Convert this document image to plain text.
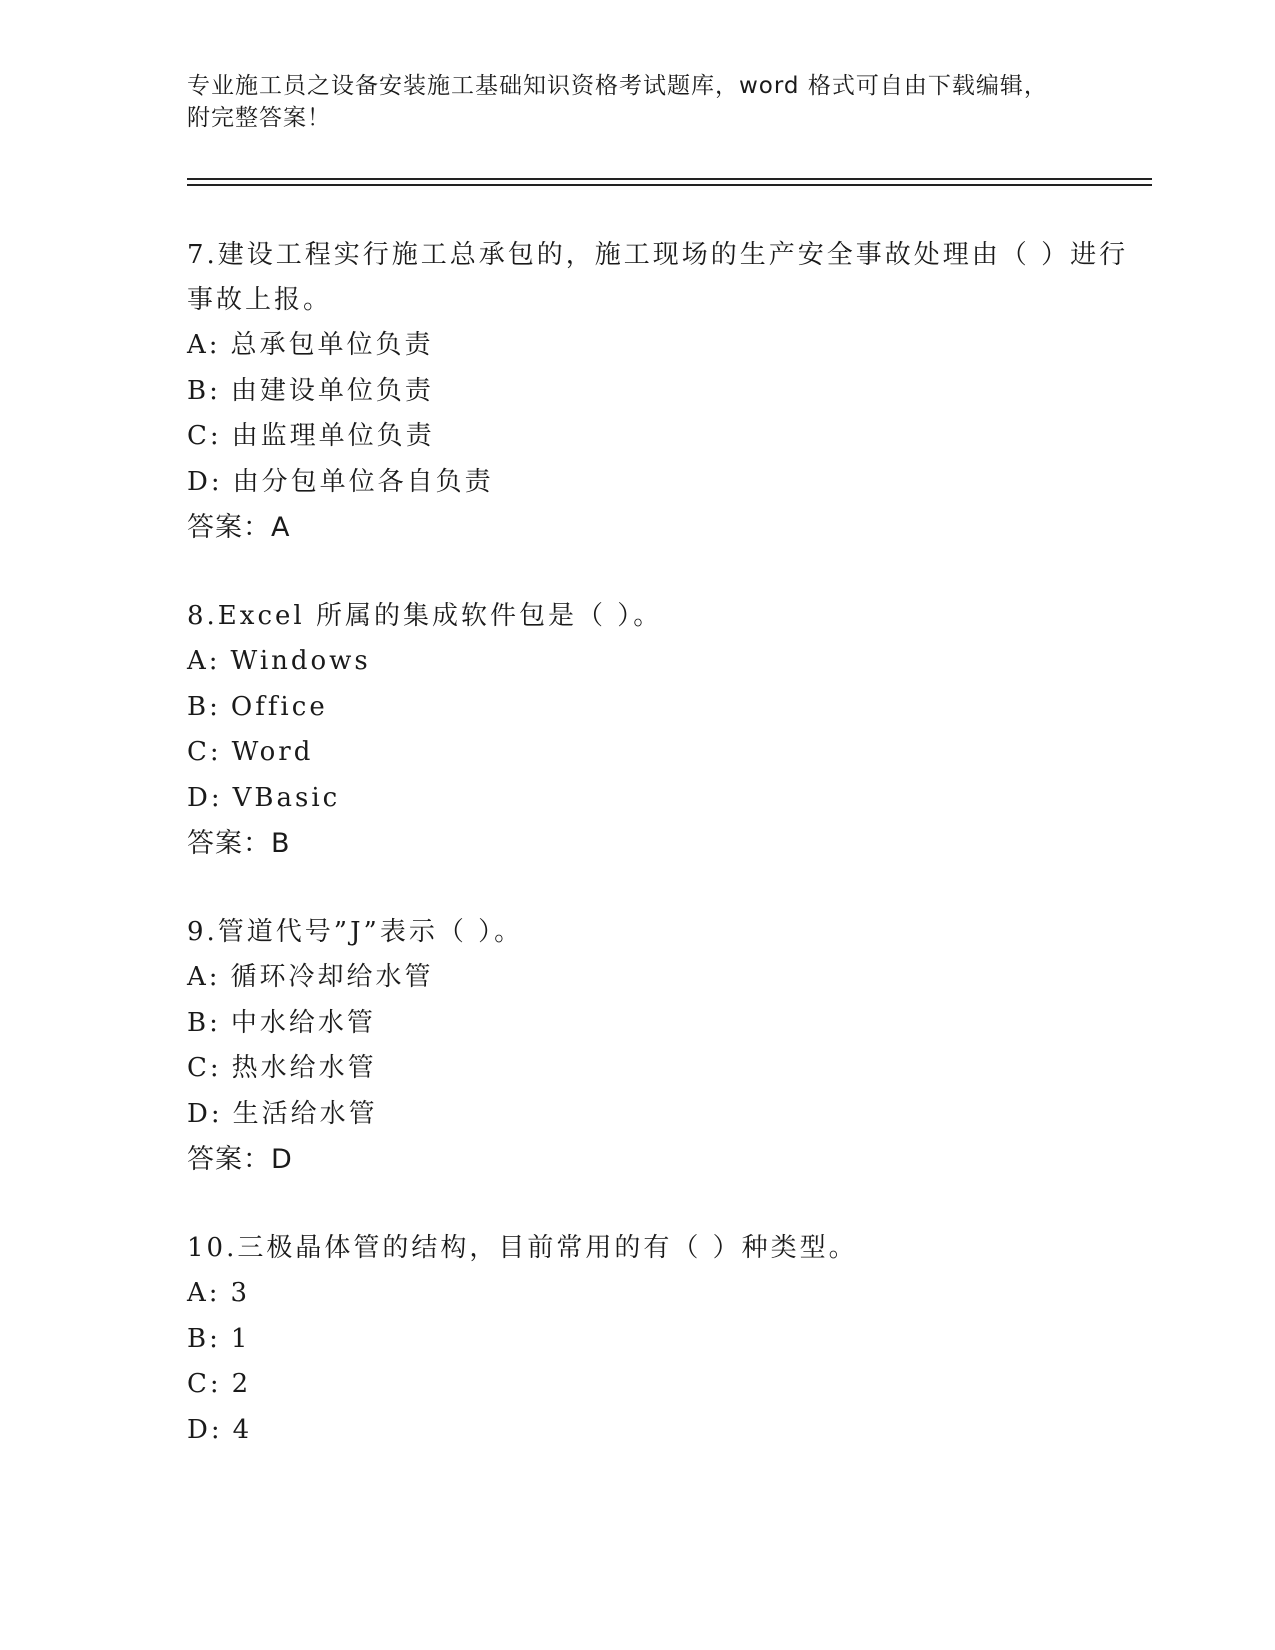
专业施工员之设备安装施工基础知识资格考试题库，word 格式可自由下载编辑，
附完整答案！

7.建设工程实行施工总承包的，施工现场的生产安全事故处理由（ ）进行事故上报。

A: 总承包单位负责
B: 由建设单位负责
C: 由监理单位负责
D: 由分包单位各自负责
答案：A

8.Excel 所属的集成软件包是（ ）。

A: Windows
B: Office
C: Word
D: VBasic
答案：B

9.管道代号”J”表示（ ）。

A: 循环冷却给水管
B: 中水给水管
C: 热水给水管
D: 生活给水管
答案：D

10.三极晶体管的结构，目前常用的有（ ）种类型。

A: 3
B: 1
C: 2
D: 4
